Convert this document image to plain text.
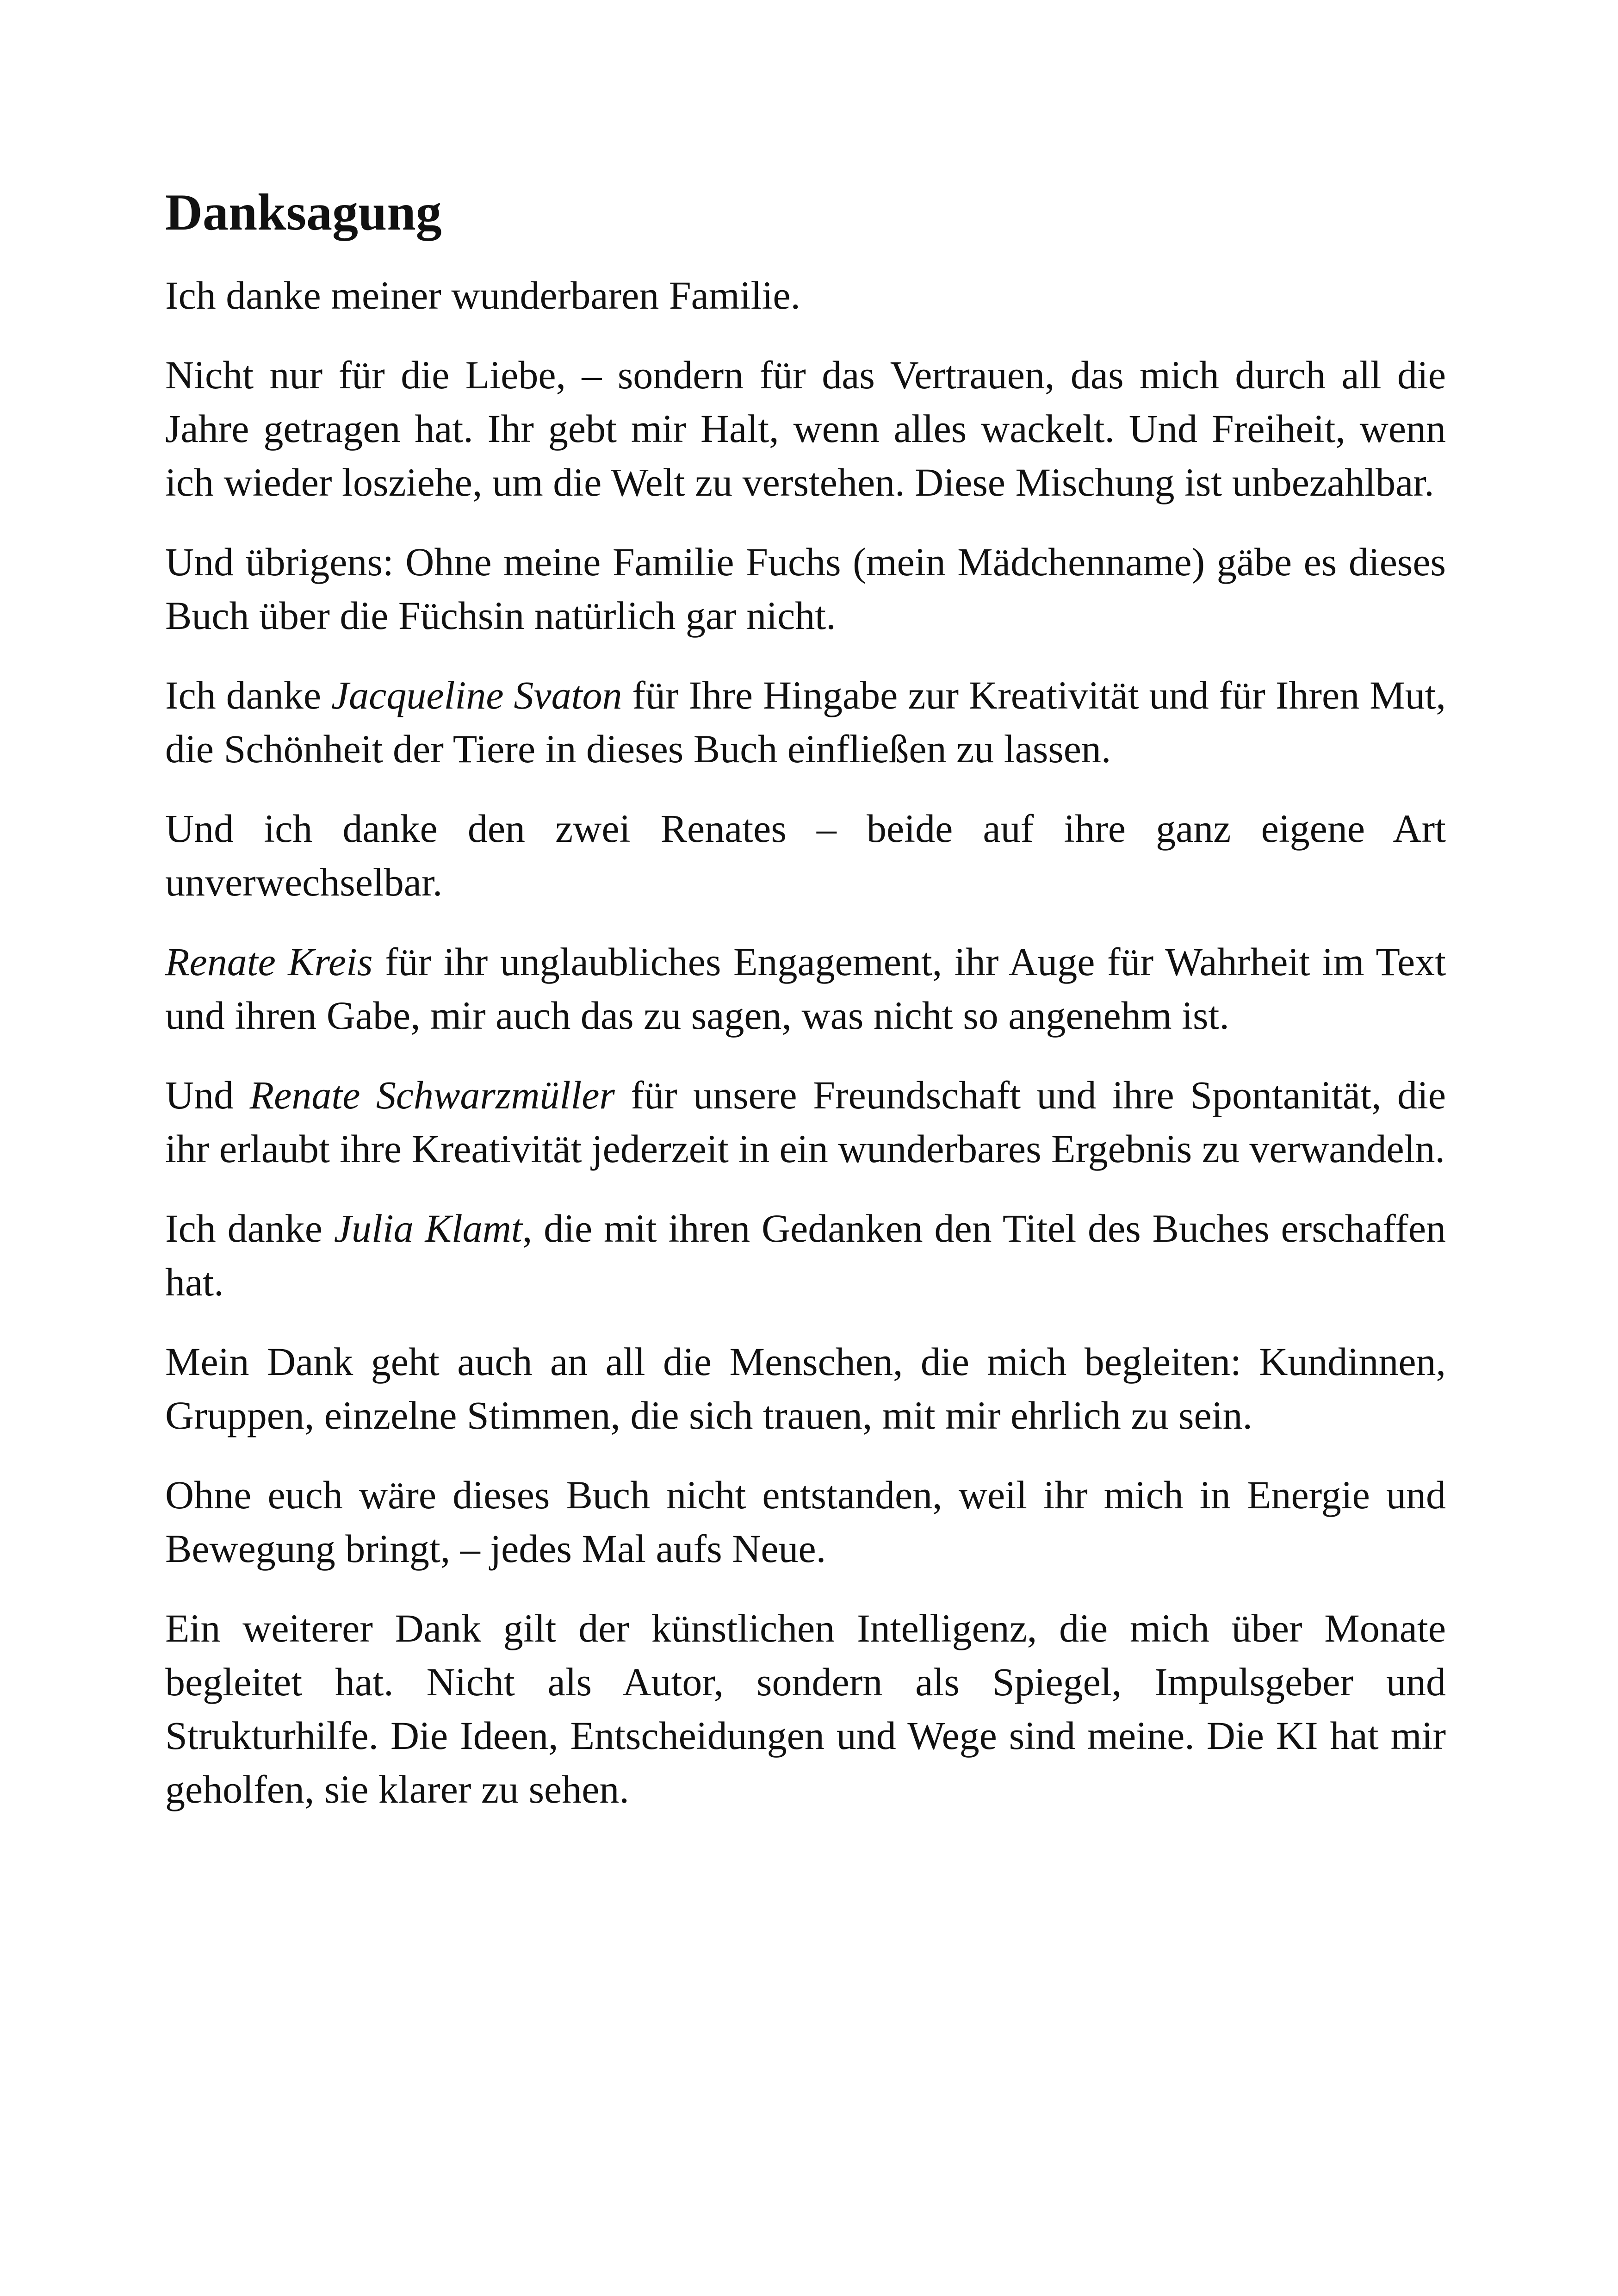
Danksagung

Ich danke meiner wunderbaren Familie.

Nicht nur für die Liebe, – sondern für das Vertrauen, das mich durch all die Jahre getragen hat. Ihr gebt mir Halt, wenn alles wackelt. Und Freiheit, wenn ich wieder losziehe, um die Welt zu verstehen. Diese Mischung ist unbezahlbar.

Und übrigens: Ohne meine Familie Fuchs (mein Mädchenname) gäbe es dieses Buch über die Füchsin natürlich gar nicht.

Ich danke Jacqueline Svaton für Ihre Hingabe zur Kreativität und für Ihren Mut, die Schönheit der Tiere in dieses Buch einfließen zu lassen.

Und ich danke den zwei Renates – beide auf ihre ganz eigene Art unverwechselbar.

Renate Kreis für ihr unglaubliches Engagement, ihr Auge für Wahrheit im Text und ihren Gabe, mir auch das zu sagen, was nicht so angenehm ist.

Und Renate Schwarzmüller für unsere Freundschaft und ihre Spontanität, die ihr erlaubt ihre Kreativität jederzeit in ein wunderbares Ergebnis zu verwandeln.

Ich danke Julia Klamt, die mit ihren Gedanken den Titel des Buches erschaffen hat.

Mein Dank geht auch an all die Menschen, die mich begleiten: Kundinnen, Gruppen, einzelne Stimmen, die sich trauen, mit mir ehrlich zu sein.

Ohne euch wäre dieses Buch nicht entstanden, weil ihr mich in Energie und Bewegung bringt, – jedes Mal aufs Neue.

Ein weiterer Dank gilt der künstlichen Intelligenz, die mich über Monate begleitet hat. Nicht als Autor, sondern als Spiegel, Impulsgeber und Strukturhilfe. Die Ideen, Entscheidungen und Wege sind meine. Die KI hat mir geholfen, sie klarer zu sehen.
